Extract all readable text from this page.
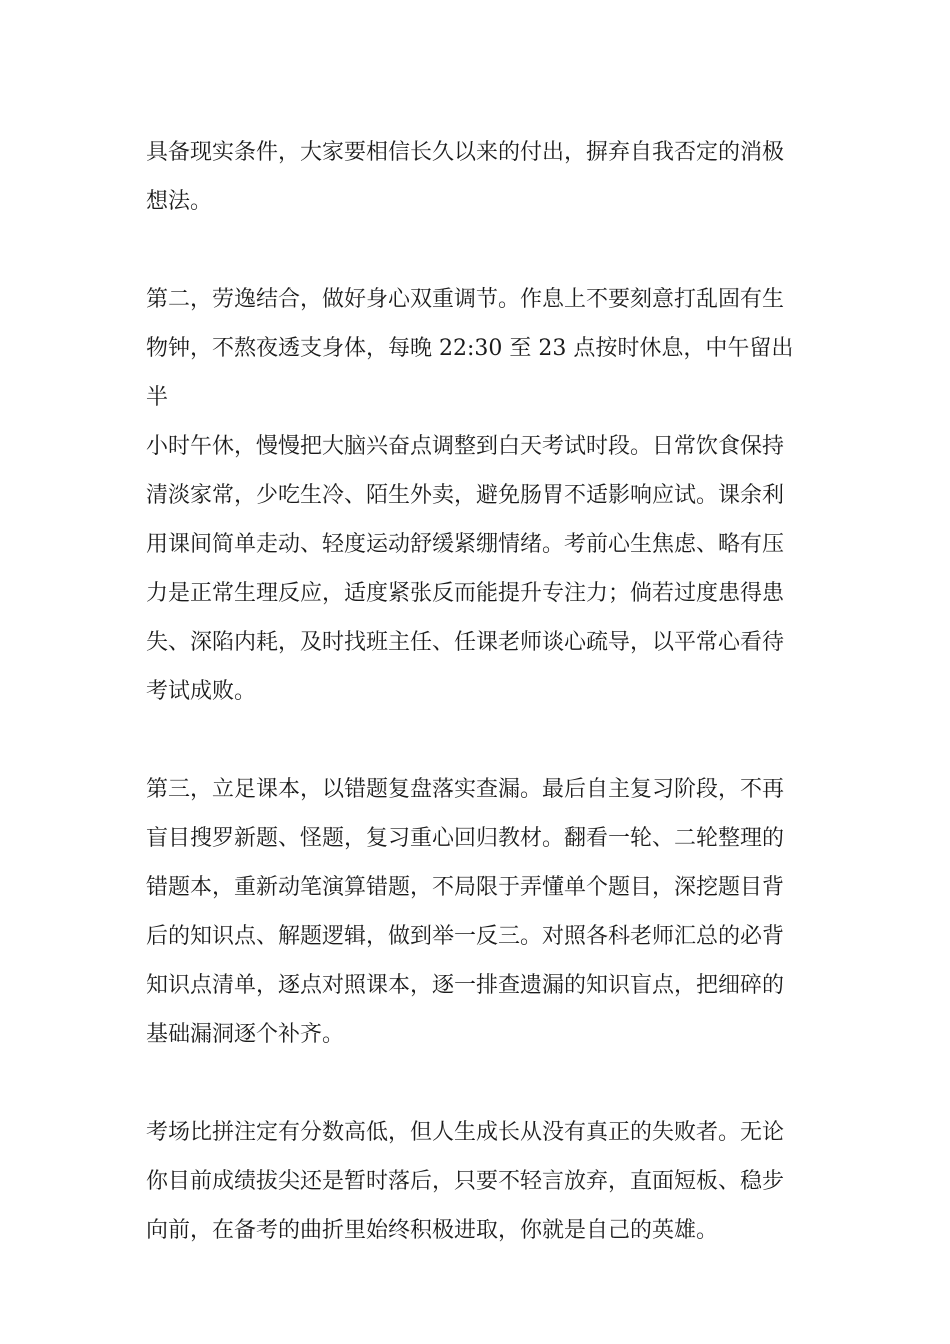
具备现实条件，大家要相信长久以来的付出，摒弃自我否定的消极
想法。

第二，劳逸结合，做好身心双重调节。作息上不要刻意打乱固有生
物钟，不熬夜透支身体，每晚 22:30 至 23 点按时休息，中午留出半
小时午休，慢慢把大脑兴奋点调整到白天考试时段。日常饮食保持
清淡家常，少吃生冷、陌生外卖，避免肠胃不适影响应试。课余利
用课间简单走动、轻度运动舒缓紧绷情绪。考前心生焦虑、略有压
力是正常生理反应，适度紧张反而能提升专注力；倘若过度患得患
失、深陷内耗，及时找班主任、任课老师谈心疏导，以平常心看待
考试成败。

第三，立足课本，以错题复盘落实查漏。最后自主复习阶段，不再
盲目搜罗新题、怪题，复习重心回归教材。翻看一轮、二轮整理的
错题本，重新动笔演算错题，不局限于弄懂单个题目，深挖题目背
后的知识点、解题逻辑，做到举一反三。对照各科老师汇总的必背
知识点清单，逐点对照课本，逐一排查遗漏的知识盲点，把细碎的
基础漏洞逐个补齐。

考场比拼注定有分数高低，但人生成长从没有真正的失败者。无论
你目前成绩拔尖还是暂时落后，只要不轻言放弃，直面短板、稳步
向前，在备考的曲折里始终积极进取，你就是自己的英雄。
